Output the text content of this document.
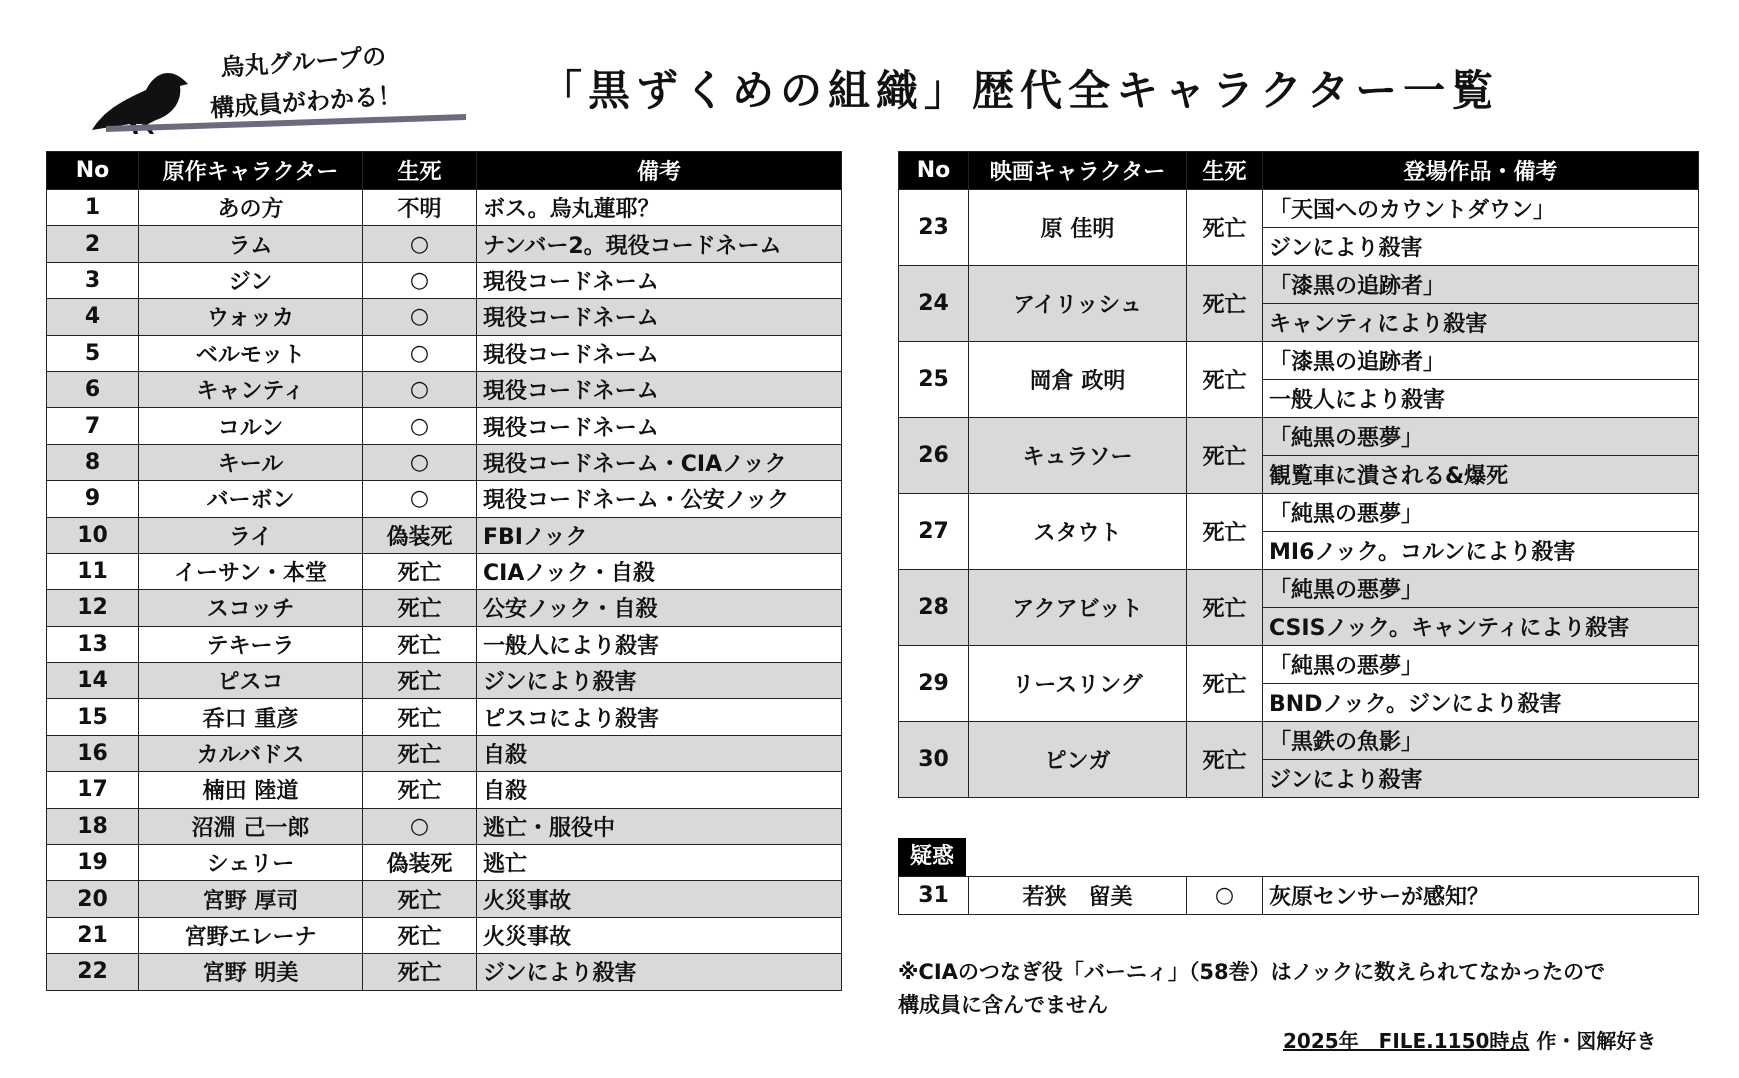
烏丸グループの
構成員がわかる！	「黒ずくめの組織」歴代全キャラクター一覧
No	原作キャラクター	生死	備考
1	あの方	不明	ボス。烏丸蓮耶？
2	ラム	○	ナンバー2。現役コードネーム
3	ジン	○	現役コードネーム
4	ウォッカ	○	現役コードネーム
5	ベルモット	○	現役コードネーム
6	キャンティ	○	現役コードネーム
7	コルン	○	現役コードネーム
8	キール	○	現役コードネーム・CIAノック
9	バーボン	○	現役コードネーム・公安ノック
10	ライ	偽装死	FBIノック
11	イーサン・本堂	死亡	CIAノック・自殺
12	スコッチ	死亡	公安ノック・自殺
13	テキーラ	死亡	一般人により殺害
14	ピスコ	死亡	ジンにより殺害
15	呑口 重彦	死亡	ピスコにより殺害
16	カルバドス	死亡	自殺
17	楠田 陸道	死亡	自殺
18	沼淵 己一郎	○	逃亡・服役中
19	シェリー	偽装死	逃亡
20	宮野 厚司	死亡	火災事故
21	宮野エレーナ	死亡	火災事故
22	宮野 明美	死亡	ジンにより殺害
No	映画キャラクター	生死	登場作品・備考
23	原 佳明	死亡	「天国へのカウントダウン」
			ジンにより殺害
24	アイリッシュ	死亡	「漆黒の追跡者」
			キャンティにより殺害
25	岡倉 政明	死亡	「漆黒の追跡者」
			一般人により殺害
26	キュラソー	死亡	「純黒の悪夢」
			観覧車に潰される&爆死
27	スタウト	死亡	「純黒の悪夢」
			MI6ノック。コルンにより殺害
28	アクアビット	死亡	「純黒の悪夢」
			CSISノック。キャンティにより殺害
29	リースリング	死亡	「純黒の悪夢」
			BNDノック。ジンにより殺害
30	ピンガ	死亡	「黒鉄の魚影」
			ジンにより殺害
疑惑
31	若狭　留美	○	灰原センサーが感知？
※CIAのつなぎ役「バーニィ」（58巻）はノックに数えられてなかったので
構成員に含んでません
2025年　FILE.1150時点 作・図解好き
